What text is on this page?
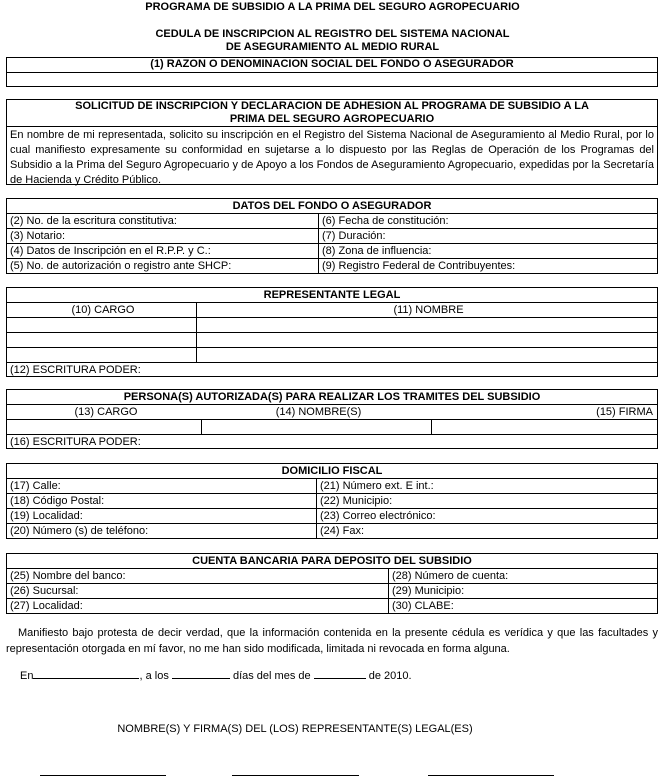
PROGRAMA DE SUBSIDIO A LA PRIMA DEL SEGURO AGROPECUARIO
CEDULA DE INSCRIPCION AL REGISTRO DEL SISTEMA NACIONAL
DE ASEGURAMIENTO AL MEDIO RURAL
(1) RAZON O DENOMINACION SOCIAL DEL FONDO O ASEGURADOR
SOLICITUD DE INSCRIPCION Y DECLARACION DE ADHESION AL PROGRAMA DE SUBSIDIO A LA
PRIMA DEL SEGURO AGROPECUARIO
En nombre de mi representada, solicito su inscripción en el Registro del Sistema Nacional de Aseguramiento al Medio Rural, por lo cual manifiesto expresamente su conformidad en sujetarse a lo dispuesto por las Reglas de Operación de los Programas del Subsidio a la Prima del Seguro Agropecuario y de Apoyo a los Fondos de Aseguramiento Agropecuario, expedidas por la Secretaría de Hacienda y Crédito Público.
DATOS DEL FONDO O ASEGURADOR
(2) No. de la escritura constitutiva:	(6) Fecha de constitución:
(3) Notario:	(7) Duración:
(4) Datos de Inscripción en el R.P.P. y C.:	(8) Zona de influencia:
(5) No. de autorización o registro ante SHCP:	(9) Registro Federal de Contribuyentes:
REPRESENTANTE LEGAL
(10) CARGO	(11) NOMBRE
(12) ESCRITURA PODER:
PERSONA(S) AUTORIZADA(S) PARA REALIZAR LOS TRAMITES DEL SUBSIDIO
(13) CARGO	(14) NOMBRE(S)	(15) FIRMA
(16) ESCRITURA PODER:
DOMICILIO FISCAL
(17) Calle:	(21) Número ext. E int.:
(18) Código Postal:	(22) Municipio:
(19) Localidad:	(23) Correo electrónico:
(20) Número (s) de teléfono:	(24) Fax:
CUENTA BANCARIA PARA DEPOSITO DEL SUBSIDIO
(25) Nombre del banco:	(28) Número de cuenta:
(26) Sucursal:	(29) Municipio:
(27) Localidad:	(30) CLABE:
Manifiesto bajo protesta de decir verdad, que la información contenida en la presente cédula es verídica y que las facultades y representación otorgada en mí favor, no me han sido modificada, limitada ni revocada en forma alguna.
En	, a los	días del mes de	de 2010.
NOMBRE(S) Y FIRMA(S) DEL (LOS) REPRESENTANTE(S) LEGAL(ES)
